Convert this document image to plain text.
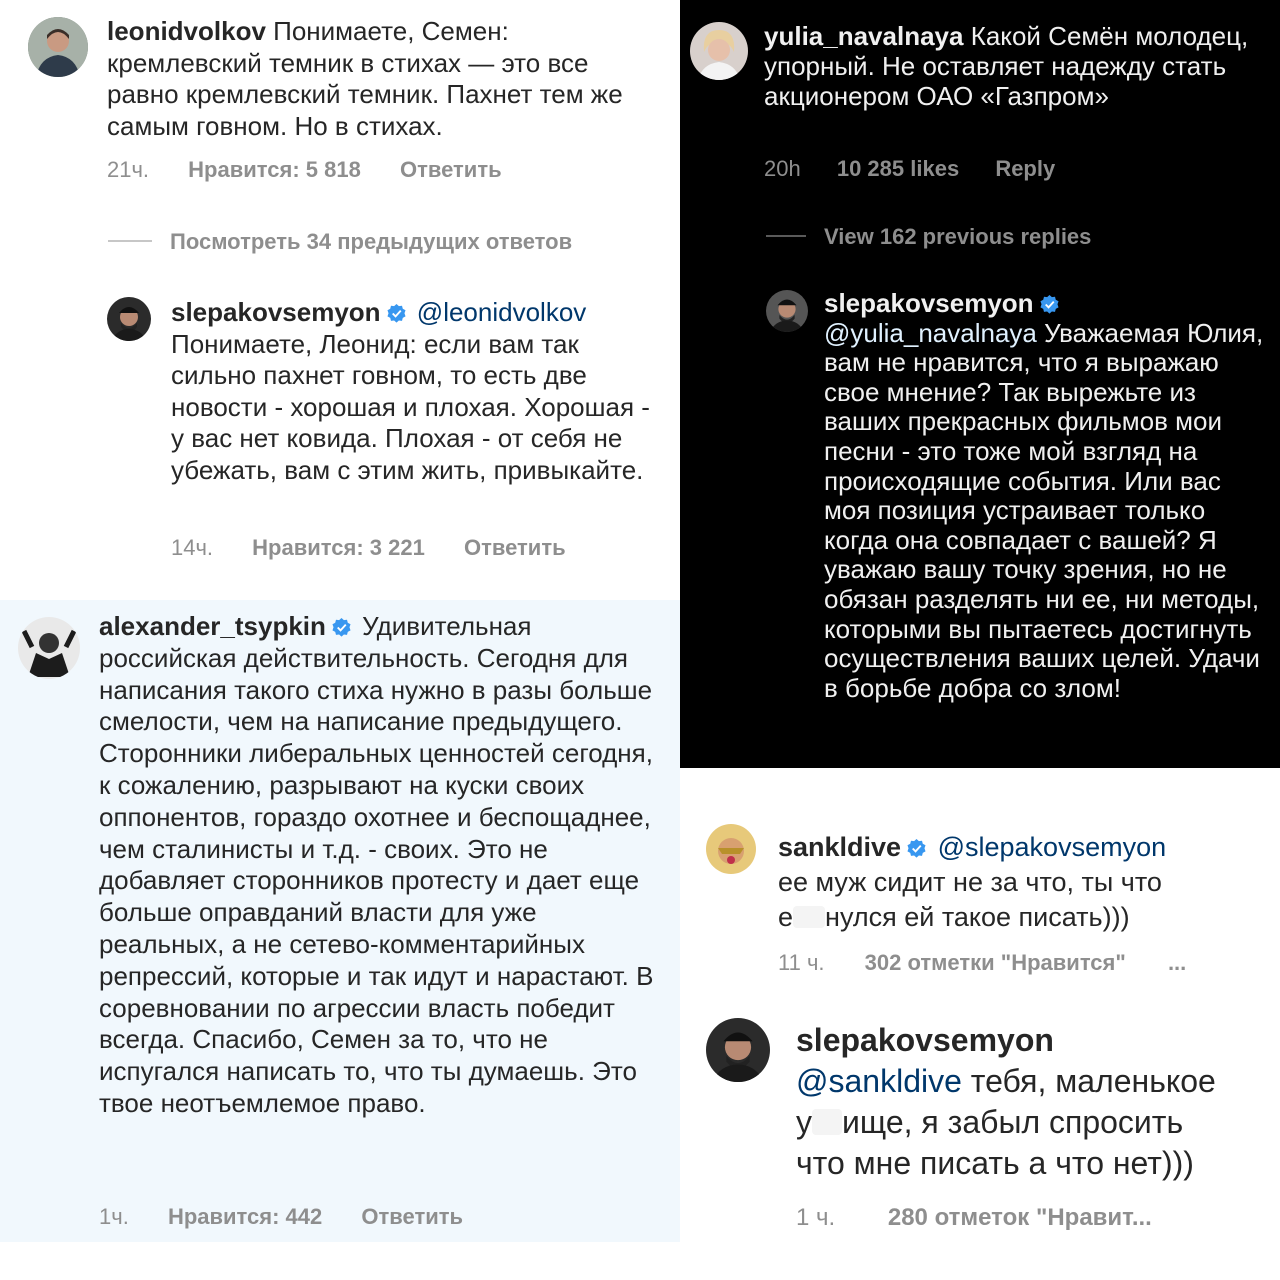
leonidvolkov Понимаете, Семен: кремлевский темник в стихах — это все равно кремлевский темник. Пахнет тем же самым говном. Но в стихах.
21ч. Нравится: 5 818 Ответить
Посмотреть 34 предыдущих ответов
slepakovsemyon @leonidvolkov Понимаете, Леонид: если вам так сильно пахнет говном, то есть две новости - хорошая и плохая. Хорошая - у вас нет ковида. Плохая - от себя не убежать, вам с этим жить, привыкайте.
14ч. Нравится: 3 221 Ответить
yulia_navalnaya Какой Семён молодец, упорный. Не оставляет надежду стать акционером ОАО «Газпром»
20h 10 285 likes Reply
View 162 previous replies
slepakovsemyon

@yulia_navalnaya Уважаемая Юлия, вам не нравится, что я выражаю свое мнение? Так вырежьте из ваших прекрасных фильмов мои песни - это тоже мой взгляд на происходящие события. Или вас моя позиция устраивает только когда она совпадает с вашей? Я уважаю вашу точку зрения, но не обязан разделять ни ее, ни методы, которыми вы пытаетесь достигнуть осуществления ваших целей. Удачи в борьбе добра со злом!
alexander_tsypkin Удивительная российская действительность. Сегодня для написания такого стиха нужно в разы больше смелости, чем на написание предыдущего. Сторонники либеральных ценностей сегодня, к сожалению, разрывают на куски своих оппонентов, гораздо охотнее и беспощаднее, чем сталинисты и т.д. - своих. Это не добавляет сторонников протесту и дает еще больше оправданий власти для уже реальных, а не сетево-комментарийных репрессий, которые и так идут и нарастают. В соревновании по агрессии власть победит всегда. Спасибо, Семен за то, что не испугался написать то, что ты думаешь. Это твое неотъемлемое право.
1ч. Нравится: 442 Ответить
sankldive @slepakovsemyon
ее муж сидит не за что, ты что
е нулся ей такое писать)))
11 ч. 302 отметки "Нравится" ...
slepakovsemyon
@sankldive тебя, маленькое
у ище, я забыл спросить
что мне писать а что нет)))

1 ч. 280 отметок "Нравит...
